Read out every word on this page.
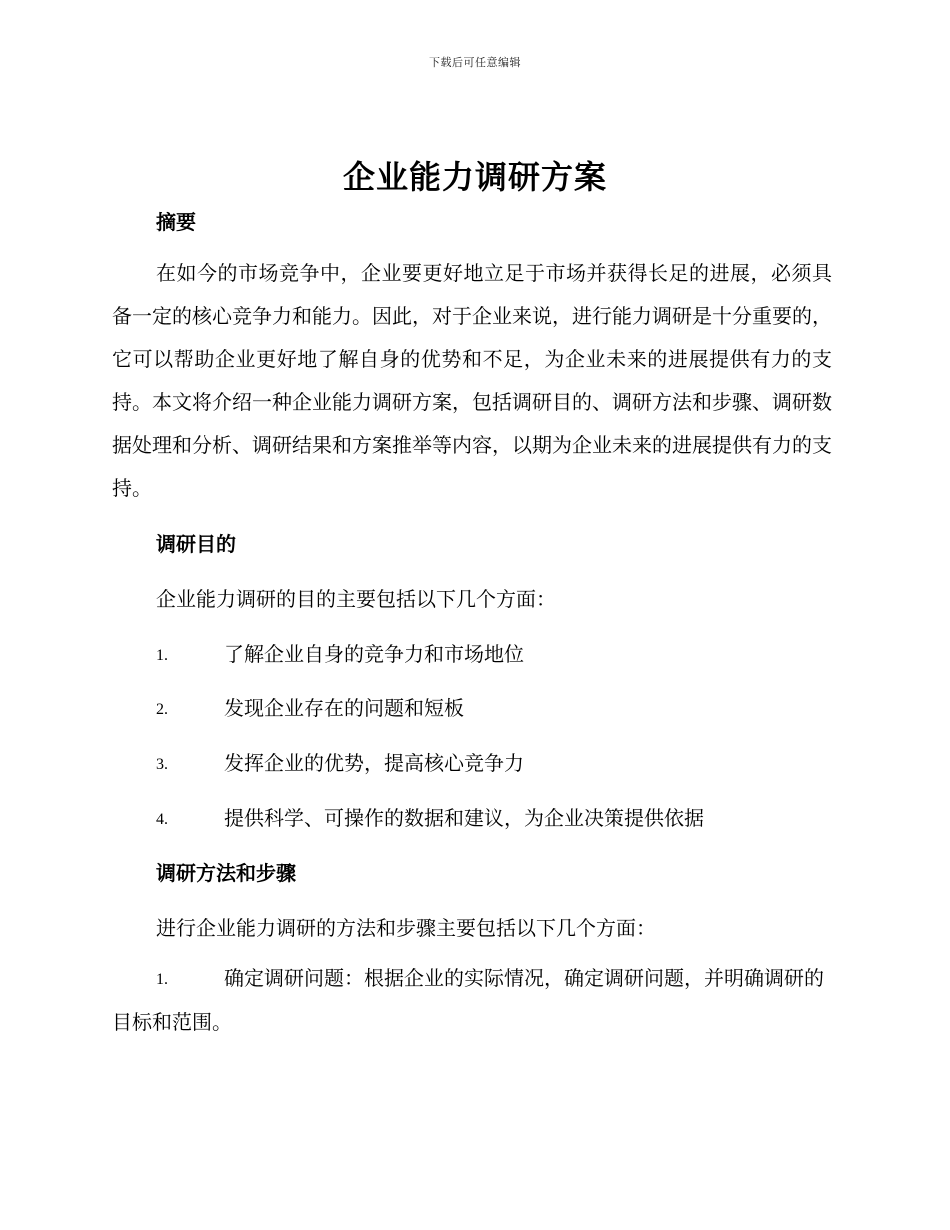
下载后可任意编辑
企业能力调研方案
摘要
在如今的市场竞争中，企业要更好地立足于市场并获得长足的进展，必须具备一定的核心竞争力和能力。因此，对于企业来说，进行能力调研是十分重要的，它可以帮助企业更好地了解自身的优势和不足，为企业未来的进展提供有力的支持。本文将介绍一种企业能力调研方案，包括调研目的、调研方法和步骤、调研数据处理和分析、调研结果和方案推举等内容，以期为企业未来的进展提供有力的支持。
调研目的
企业能力调研的目的主要包括以下几个方面：
1.	了解企业自身的竞争力和市场地位
2.	发现企业存在的问题和短板
3.	发挥企业的优势，提高核心竞争力
4.	提供科学、可操作的数据和建议，为企业决策提供依据
调研方法和步骤
进行企业能力调研的方法和步骤主要包括以下几个方面：
1.	确定调研问题：根据企业的实际情况，确定调研问题，并明确调研的目标和范围。
